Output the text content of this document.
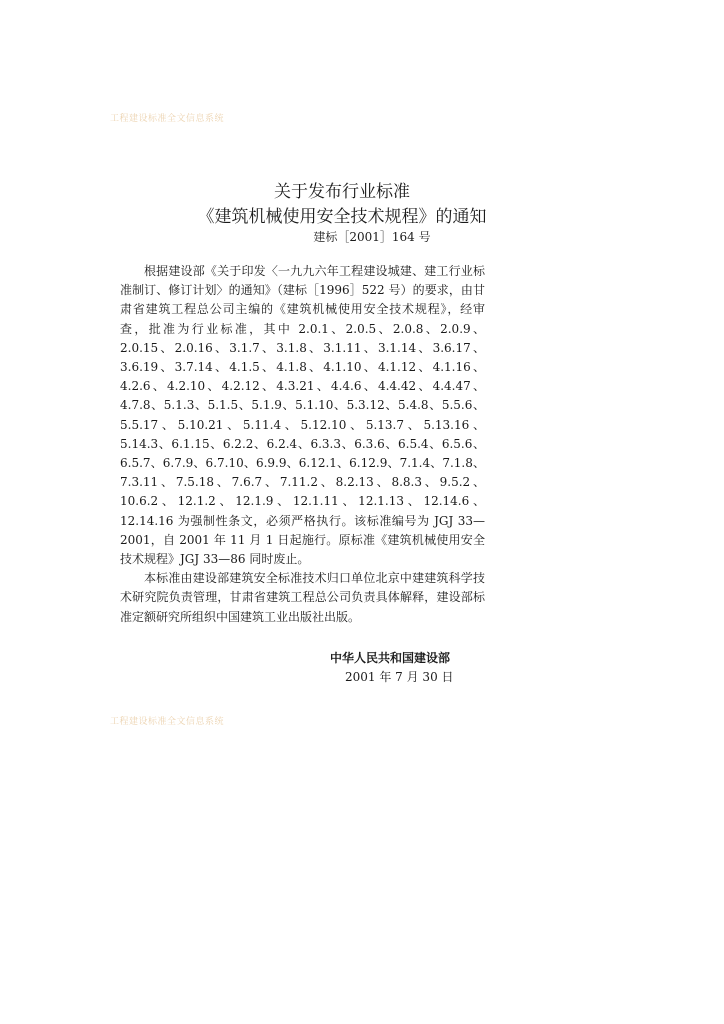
工程建设标准全文信息系统
关于发布行业标准
《建筑机械使用安全技术规程》的通知
建标［2001］164 号

根据建设部《关于印发〈一九九六年工程建设城建、建工行业标准制订、修订计划〉的通知》（建标［1996］522 号）的要求，由甘肃省建筑工程总公司主编的《建筑机械使用安全技术规程》，经审查，批准为行业标准，其中 2.0.1、2.0.5、2.0.8、2.0.9、2.0.15、2.0.16、3.1.7、3.1.8、3.1.11、3.1.14、3.6.17、3.6.19、3.7.14、4.1.5、4.1.8、4.1.10、4.1.12、4.1.16、4.2.6、4.2.10、4.2.12、4.3.21、4.4.6、4.4.42、4.4.47、4.7.8、5.1.3、5.1.5、5.1.9、5.1.10、5.3.12、5.4.8、5.5.6、5.5.17、5.10.21、5.11.4、5.12.10、5.13.7、5.13.16、5.14.3、6.1.15、6.2.2、6.2.4、6.3.3、6.3.6、6.5.4、6.5.6、6.5.7、6.7.9、6.7.10、6.9.9、6.12.1、6.12.9、7.1.4、7.1.8、7.3.11、7.5.18、7.6.7、7.11.2、8.2.13、8.8.3、9.5.2、10.6.2、12.1.2、12.1.9、12.1.11、12.1.13、12.14.6、12.14.16 为强制性条文，必须严格执行。该标准编号为 JGJ 33—2001，自 2001 年 11 月 1 日起施行。原标准《建筑机械使用安全技术规程》JGJ 33—86 同时废止。

本标准由建设部建筑安全标准技术归口单位北京中建建筑科学技术研究院负责管理，甘肃省建筑工程总公司负责具体解释，建设部标准定额研究所组织中国建筑工业出版社出版。

中华人民共和国建设部
2001 年 7 月 30 日
工程建设标准全文信息系统
